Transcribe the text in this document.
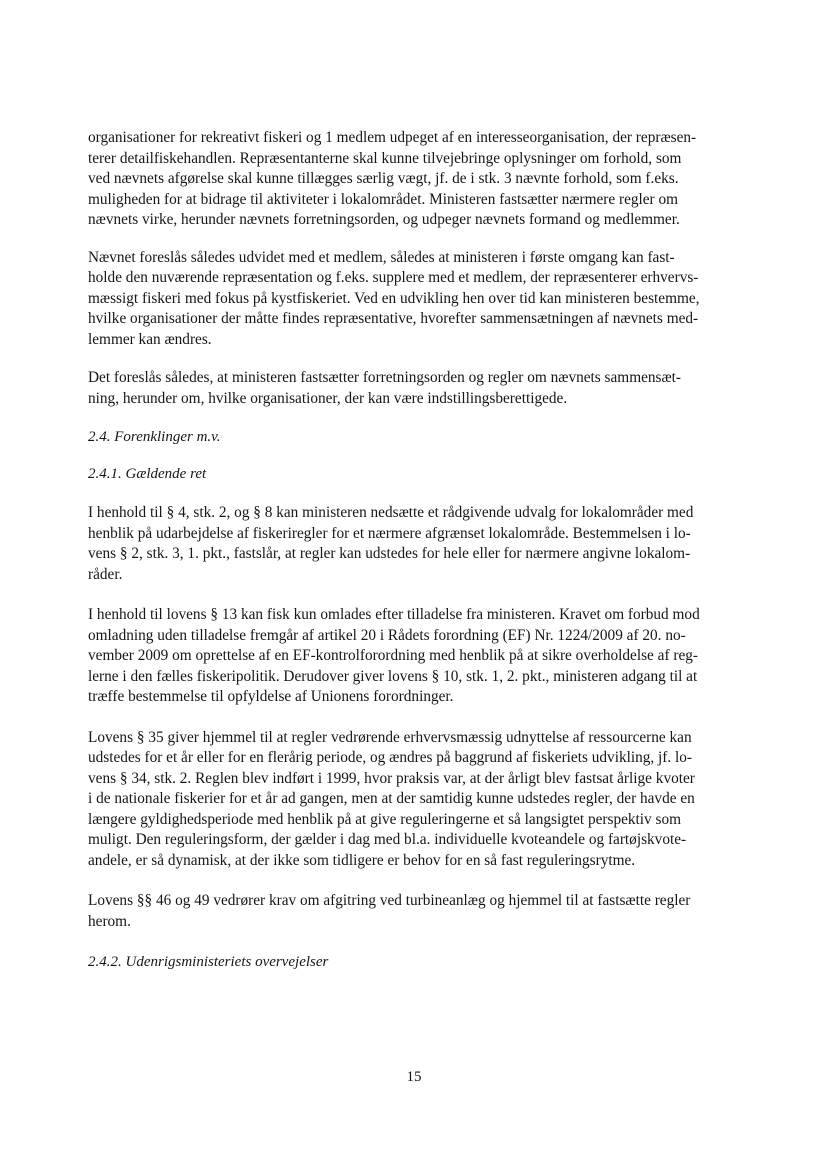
organisationer for rekreativt fiskeri og 1 medlem udpeget af en interesseorganisation, der repræsen-
terer detailfiskehandlen. Repræsentanterne skal kunne tilvejebringe oplysninger om forhold, som
ved nævnets afgørelse skal kunne tillægges særlig vægt, jf. de i stk. 3 nævnte forhold, som f.eks.
muligheden for at bidrage til aktiviteter i lokalområdet. Ministeren fastsætter nærmere regler om
nævnets virke, herunder nævnets forretningsorden, og udpeger nævnets formand og medlemmer.

Nævnet foreslås således udvidet med et medlem, således at ministeren i første omgang kan fast-
holde den nuværende repræsentation og f.eks. supplere med et medlem, der repræsenterer erhvervs-
mæssigt fiskeri med fokus på kystfiskeriet. Ved en udvikling hen over tid kan ministeren bestemme,
hvilke organisationer der måtte findes repræsentative, hvorefter sammensætningen af nævnets med-
lemmer kan ændres.

Det foreslås således, at ministeren fastsætter forretningsorden og regler om nævnets sammensæt-
ning, herunder om, hvilke organisationer, der kan være indstillingsberettigede.

2.4. Forenklinger m.v.
2.4.1. Gældende ret

I henhold til § 4, stk. 2, og § 8 kan ministeren nedsætte et rådgivende udvalg for lokalområder med
henblik på udarbejdelse af fiskeriregler for et nærmere afgrænset lokalområde. Bestemmelsen i lo-
vens § 2, stk. 3, 1. pkt., fastslår, at regler kan udstedes for hele eller for nærmere angivne lokalom-
råder.

I henhold til lovens § 13 kan fisk kun omlades efter tilladelse fra ministeren. Kravet om forbud mod
omladning uden tilladelse fremgår af artikel 20 i Rådets forordning (EF) Nr. 1224/2009 af 20. no-
vember 2009 om oprettelse af en EF-kontrolforordning med henblik på at sikre overholdelse af reg-
lerne i den fælles fiskeripolitik. Derudover giver lovens § 10, stk. 1, 2. pkt., ministeren adgang til at
træffe bestemmelse til opfyldelse af Unionens forordninger.

Lovens § 35 giver hjemmel til at regler vedrørende erhvervsmæssig udnyttelse af ressourcerne kan
udstedes for et år eller for en flerårig periode, og ændres på baggrund af fiskeriets udvikling, jf. lo-
vens § 34, stk. 2. Reglen blev indført i 1999, hvor praksis var, at der årligt blev fastsat årlige kvoter
i de nationale fiskerier for et år ad gangen, men at der samtidig kunne udstedes regler, der havde en
længere gyldighedsperiode med henblik på at give reguleringerne et så langsigtet perspektiv som
muligt. Den reguleringsform, der gælder i dag med bl.a. individuelle kvoteandele og fartøjskvote-
andele, er så dynamisk, at der ikke som tidligere er behov for en så fast reguleringsrytme.

Lovens §§ 46 og 49 vedrører krav om afgitring ved turbineanlæg og hjemmel til at fastsætte regler
herom.

2.4.2. Udenrigsministeriets overvejelser
15
